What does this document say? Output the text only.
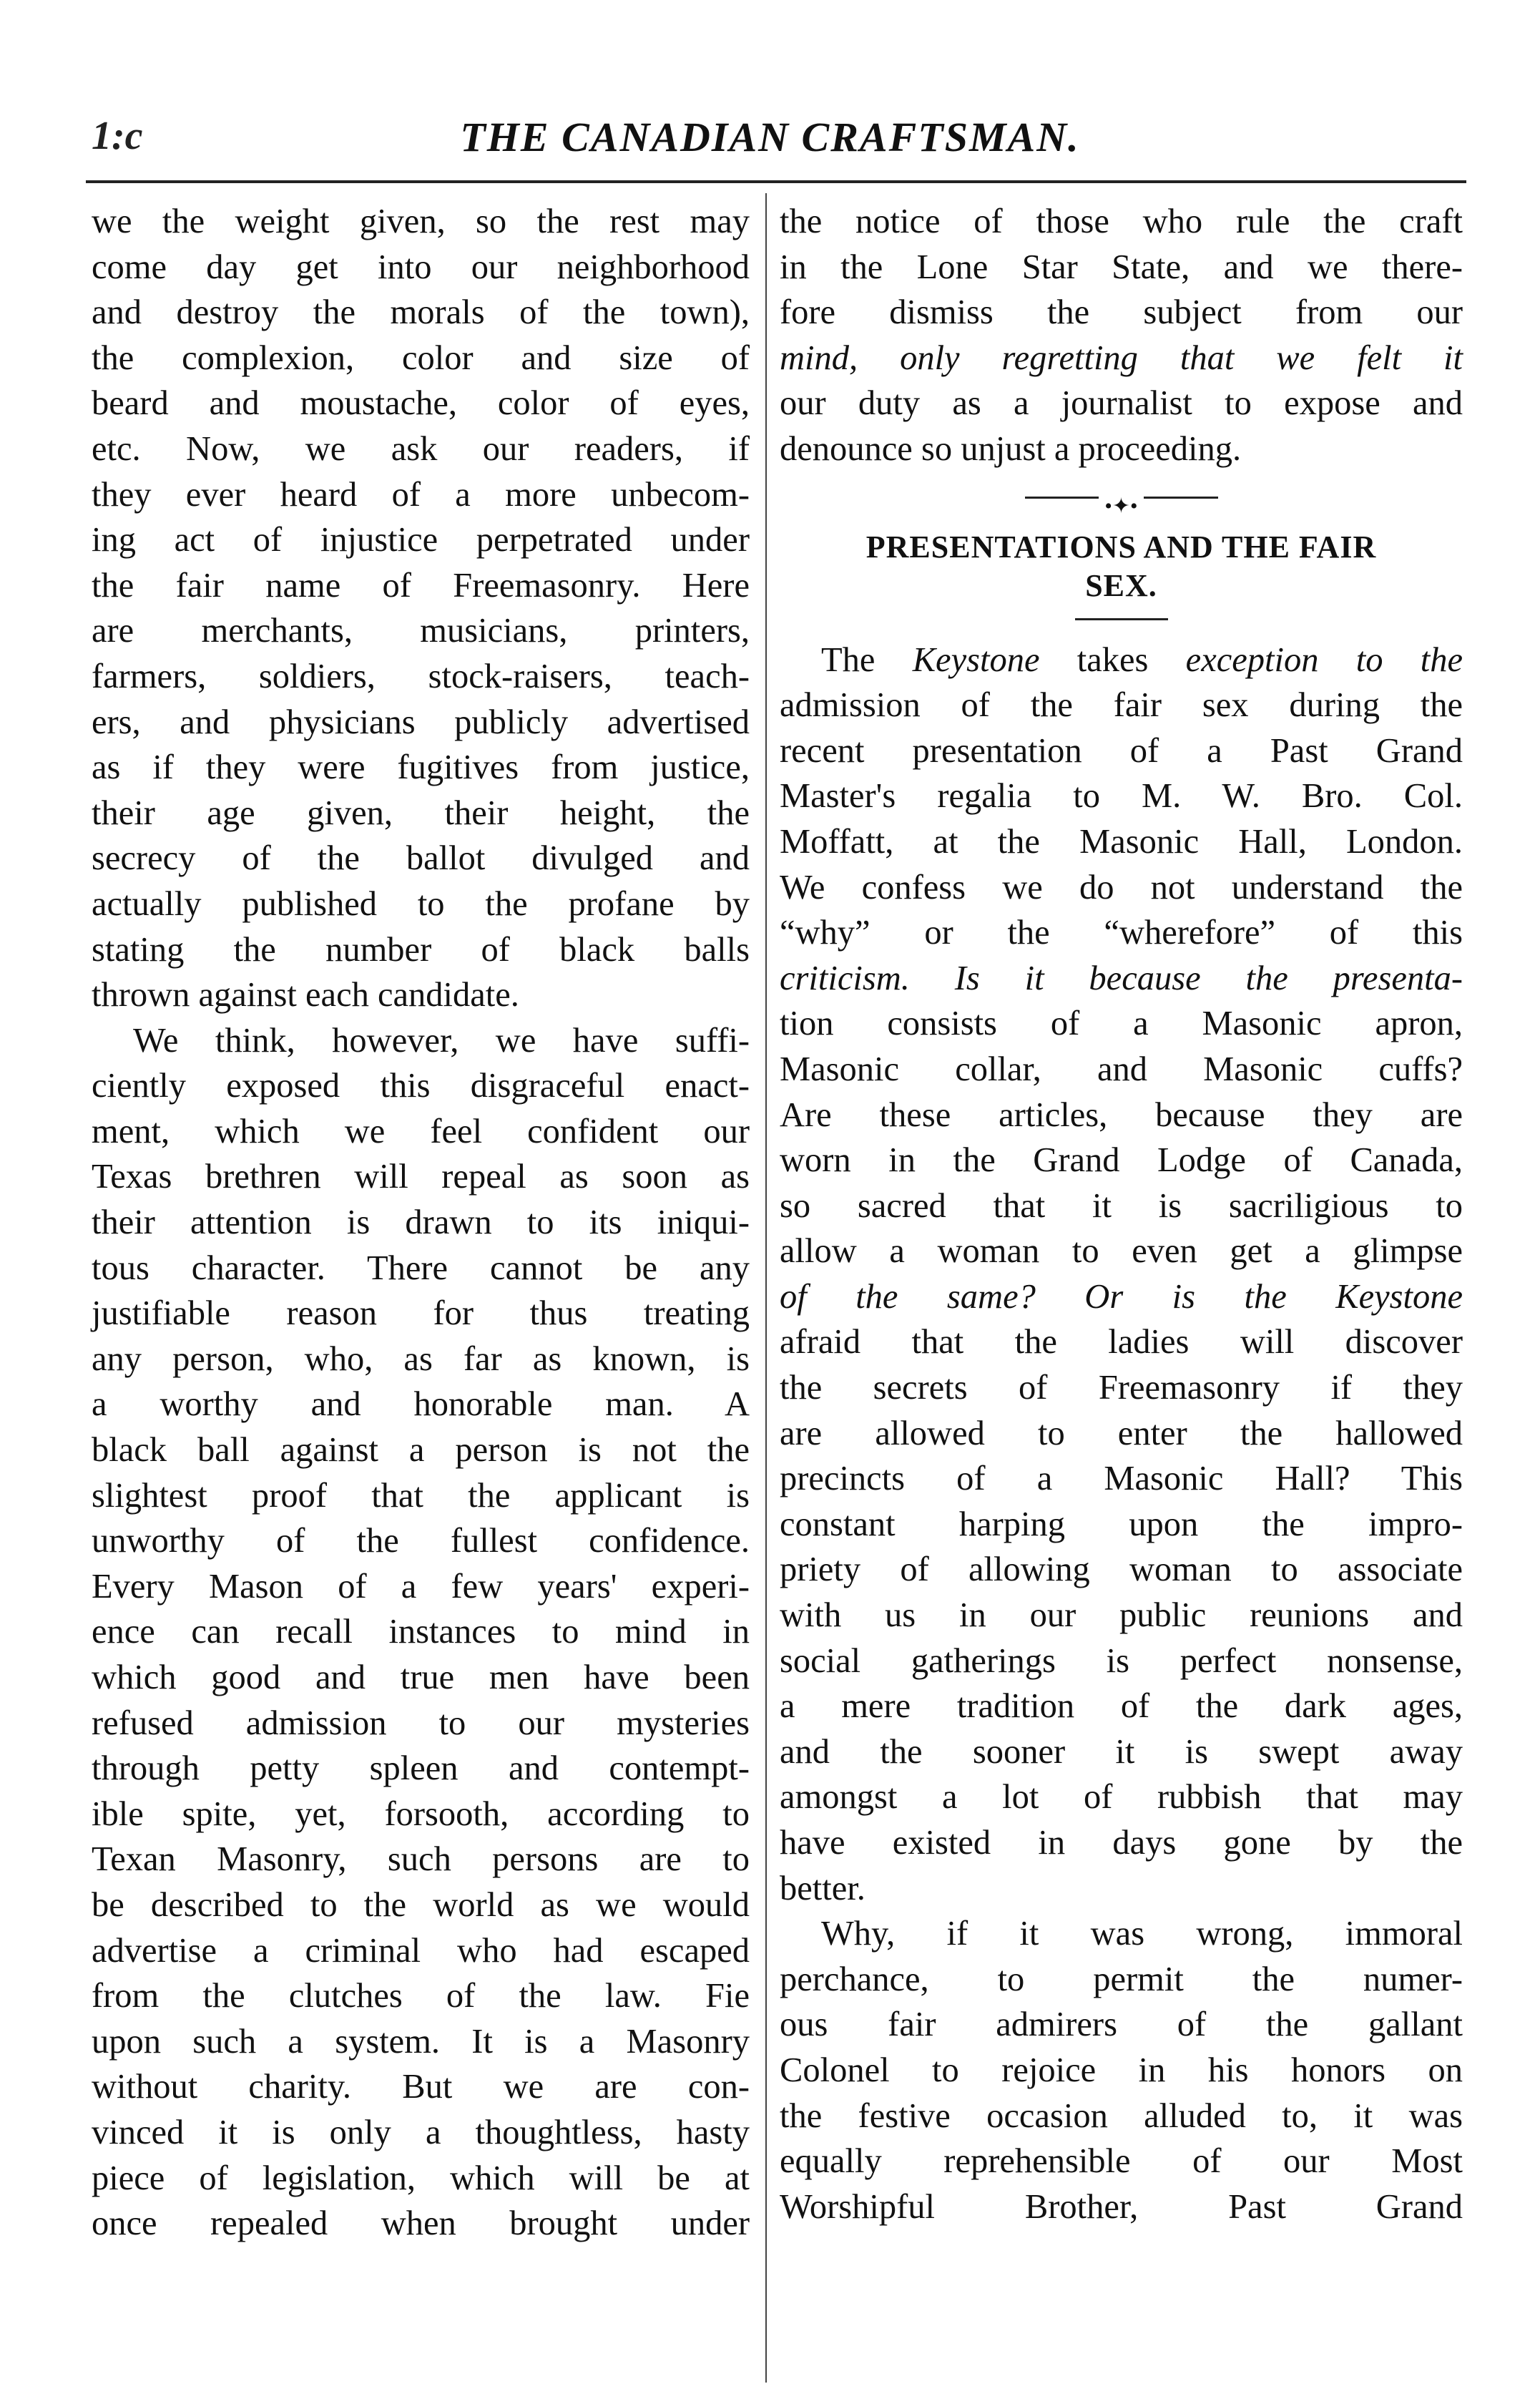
1:c	THE CANADIAN CRAFTSMAN.
we the weight given, so the rest may
come day get into our neighborhood
and destroy the morals of the town),
the complexion, color and size of
beard and moustache, color of eyes,
etc. Now, we ask our readers, if
they ever heard of a more unbecom-
ing act of injustice perpetrated under
the fair name of Freemasonry. Here
are merchants, musicians, printers,
farmers, soldiers, stock-raisers, teach-
ers, and physicians publicly advertised
as if they were fugitives from justice,
their age given, their height, the
secrecy of the ballot divulged and
actually published to the profane by
stating the number of black balls
thrown against each candidate.
We think, however, we have suffi-
ciently exposed this disgraceful enact-
ment, which we feel confident our
Texas brethren will repeal as soon as
their attention is drawn to its iniqui-
tous character. There cannot be any
justifiable reason for thus treating
any person, who, as far as known, is
a worthy and honorable man. A
black ball against a person is not the
slightest proof that the applicant is
unworthy of the fullest confidence.
Every Mason of a few years' experi-
ence can recall instances to mind in
which good and true men have been
refused admission to our mysteries
through petty spleen and contempt-
ible spite, yet, forsooth, according to
Texan Masonry, such persons are to
be described to the world as we would
advertise a criminal who had escaped
from the clutches of the law. Fie
upon such a system. It is a Masonry
without charity. But we are con-
vinced it is only a thoughtless, hasty
piece of legislation, which will be at
once repealed when brought under
the notice of those who rule the craft
in the Lone Star State, and we there-
fore dismiss the subject from our
mind, only regretting that we felt it
our duty as a journalist to expose and
denounce so unjust a proceeding.
•✦•
PRESENTATIONS AND THE FAIR
SEX.
The Keystone takes exception to the
admission of the fair sex during the
recent presentation of a Past Grand
Master's regalia to M. W. Bro. Col.
Moffatt, at the Masonic Hall, London.
We confess we do not understand the
“why” or the “wherefore” of this
criticism. Is it because the presenta-
tion consists of a Masonic apron,
Masonic collar, and Masonic cuffs?
Are these articles, because they are
worn in the Grand Lodge of Canada,
so sacred that it is sacriligious to
allow a woman to even get a glimpse
of the same? Or is the Keystone
afraid that the ladies will discover
the secrets of Freemasonry if they
are allowed to enter the hallowed
precincts of a Masonic Hall? This
constant harping upon the impro-
priety of allowing woman to associate
with us in our public reunions and
social gatherings is perfect nonsense,
a mere tradition of the dark ages,
and the sooner it is swept away
amongst a lot of rubbish that may
have existed in days gone by the
better.
Why, if it was wrong, immoral
perchance, to permit the numer-
ous fair admirers of the gallant
Colonel to rejoice in his honors on
the festive occasion alluded to, it was
equally reprehensible of our Most
Worshipful Brother, Past Grand
